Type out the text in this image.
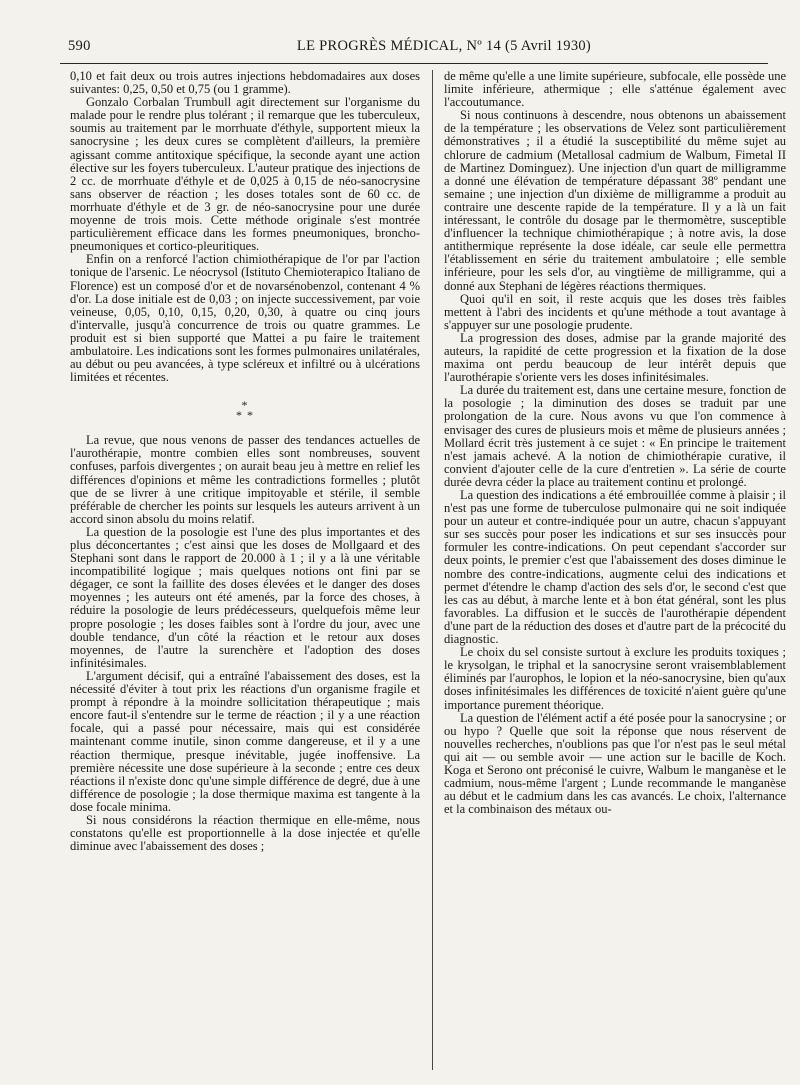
590	LE PROGRÈS MÉDICAL, Nº 14 (5 Avril 1930)

0,10 et fait deux ou trois autres injections hebdomadaires aux doses suivantes: 0,25, 0,50 et 0,75 (ou 1 gramme).

Gonzalo Corbalan Trumbull agit directement sur l'organisme du malade pour le rendre plus tolérant ; il remarque que les tuberculeux, soumis au traitement par le morrhuate d'éthyle, supportent mieux la sanocrysine ; les deux cures se complètent d'ailleurs, la première agissant comme antitoxique spécifique, la seconde ayant une action élective sur les foyers tuberculeux. L'auteur pratique des injections de 2 cc. de morrhuate d'éthyle et de 0,025 à 0,15 de néo-sanocrysine sans observer de réaction ; les doses totales sont de 60 cc. de morrhuate d'éthyle et de 3 gr. de néo-sanocrysine pour une durée moyenne de trois mois. Cette méthode originale s'est montrée particulièrement efficace dans les formes pneumoniques, broncho-pneumoniques et cortico-pleuritiques.

Enfin on a renforcé l'action chimiothérapique de l'or par l'action tonique de l'arsenic. Le néocrysol (Istituto Chemioterapico Italiano de Florence) est un composé d'or et de novarsénobenzol, contenant 4 % d'or. La dose initiale est de 0,03 ; on injecte successivement, par voie veineuse, 0,05, 0,10, 0,15, 0,20, 0,30, à quatre ou cinq jours d'intervalle, jusqu'à concurrence de trois ou quatre grammes. Le produit est si bien supporté que Mattei a pu faire le traitement ambulatoire. Les indications sont les formes pulmonaires unilatérales, au début ou peu avancées, à type scléreux et infiltré ou à ulcérations limitées et récentes.

*
* *

La revue, que nous venons de passer des tendances actuelles de l'aurothérapie, montre combien elles sont nombreuses, souvent confuses, parfois divergentes ; on aurait beau jeu à mettre en relief les différences d'opinions et même les contradictions formelles ; plutôt que de se livrer à une critique impitoyable et stérile, il semble préférable de chercher les points sur lesquels les auteurs arrivent à un accord sinon absolu du moins relatif.

La question de la posologie est l'une des plus importantes et des plus déconcertantes ; c'est ainsi que les doses de Mollgaard et des Stephani sont dans le rapport de 20.000 à 1 ; il y a là une véritable incompatibilité logique ; mais quelques notions ont fini par se dégager, ce sont la faillite des doses élevées et le danger des doses moyennes ; les auteurs ont été amenés, par la force des choses, à réduire la posologie de leurs prédécesseurs, quelquefois même leur propre posologie ; les doses faibles sont à l'ordre du jour, avec une double tendance, d'un côté la réaction et le retour aux doses moyennes, de l'autre la surenchère et l'adoption des doses infinitésimales.

L'argument décisif, qui a entraîné l'abaissement des doses, est la nécessité d'éviter à tout prix les réactions d'un organisme fragile et prompt à répondre à la moindre sollicitation thérapeutique ; mais encore faut-il s'entendre sur le terme de réaction ; il y a une réaction focale, qui a passé pour nécessaire, mais qui est considérée maintenant comme inutile, sinon comme dangereuse, et il y a une réaction thermique, presque inévitable, jugée inoffensive. La première nécessite une dose supérieure à la seconde ; entre ces deux réactions il n'existe donc qu'une simple différence de degré, due à une différence de posologie ; la dose thermique maxima est tangente à la dose focale minima.

Si nous considérons la réaction thermique en elle-même, nous constatons qu'elle est proportionnelle à la dose injectée et qu'elle diminue avec l'abaissement des doses ;

de même qu'elle a une limite supérieure, subfocale, elle possède une limite inférieure, athermique ; elle s'atténue également avec l'accoutumance.

Si nous continuons à descendre, nous obtenons un abaissement de la température ; les observations de Velez sont particulièrement démonstratives ; il a étudié la susceptibilité du même sujet au chlorure de cadmium (Metallosal cadmium de Walbum, Fimetal II de Martinez Dominguez). Une injection d'un quart de milligramme a donné une élévation de température dépassant 38º pendant une semaine ; une injection d'un dixième de milligramme a produit au contraire une descente rapide de la température. Il y a là un fait intéressant, le contrôle du dosage par le thermomètre, susceptible d'influencer la technique chimiothérapique ; à notre avis, la dose antithermique représente la dose idéale, car seule elle permettra l'établissement en série du traitement ambulatoire ; elle semble inférieure, pour les sels d'or, au vingtième de milligramme, qui a donné aux Stephani de légères réactions thermiques.

Quoi qu'il en soit, il reste acquis que les doses très faibles mettent à l'abri des incidents et qu'une méthode a tout avantage à s'appuyer sur une posologie prudente.

La progression des doses, admise par la grande majorité des auteurs, la rapidité de cette progression et la fixation de la dose maxima ont perdu beaucoup de leur intérêt depuis que l'aurothérapie s'oriente vers les doses infinitésimales.

La durée du traitement est, dans une certaine mesure, fonction de la posologie ; la diminution des doses se traduit par une prolongation de la cure. Nous avons vu que l'on commence à envisager des cures de plusieurs mois et même de plusieurs années ; Mollard écrit très justement à ce sujet : « En principe le traitement n'est jamais achevé. A la notion de chimiothérapie curative, il convient d'ajouter celle de la cure d'entretien ». La série de courte durée devra céder la place au traitement continu et prolongé.

La question des indications a été embrouillée comme à plaisir ; il n'est pas une forme de tuberculose pulmonaire qui ne soit indiquée pour un auteur et contre-indiquée pour un autre, chacun s'appuyant sur ses succès pour poser les indications et sur ses insuccès pour formuler les contre-indications. On peut cependant s'accorder sur deux points, le premier c'est que l'abaissement des doses diminue le nombre des contre-indications, augmente celui des indications et permet d'étendre le champ d'action des sels d'or, le second c'est que les cas au début, à marche lente et à bon état général, sont les plus favorables. La diffusion et le succès de l'aurothérapie dépendent d'une part de la réduction des doses et d'autre part de la précocité du diagnostic.

Le choix du sel consiste surtout à exclure les produits toxiques ; le krysolgan, le triphal et la sanocrysine seront vraisemblablement éliminés par l'aurophos, le lopion et la néo-sanocrysine, bien qu'aux doses infinitésimales les différences de toxicité n'aient guère qu'une importance purement théorique.

La question de l'élément actif a été posée pour la sanocrysine ; or ou hypo ? Quelle que soit la réponse que nous réservent de nouvelles recherches, n'oublions pas que l'or n'est pas le seul métal qui ait — ou semble avoir — une action sur le bacille de Koch. Koga et Serono ont préconisé le cuivre, Walbum le manganèse et le cadmium, nous-même l'argent ; Lunde recommande le manganèse au début et le cadmium dans les cas avancés. Le choix, l'alternance et la combinaison des métaux ou-
